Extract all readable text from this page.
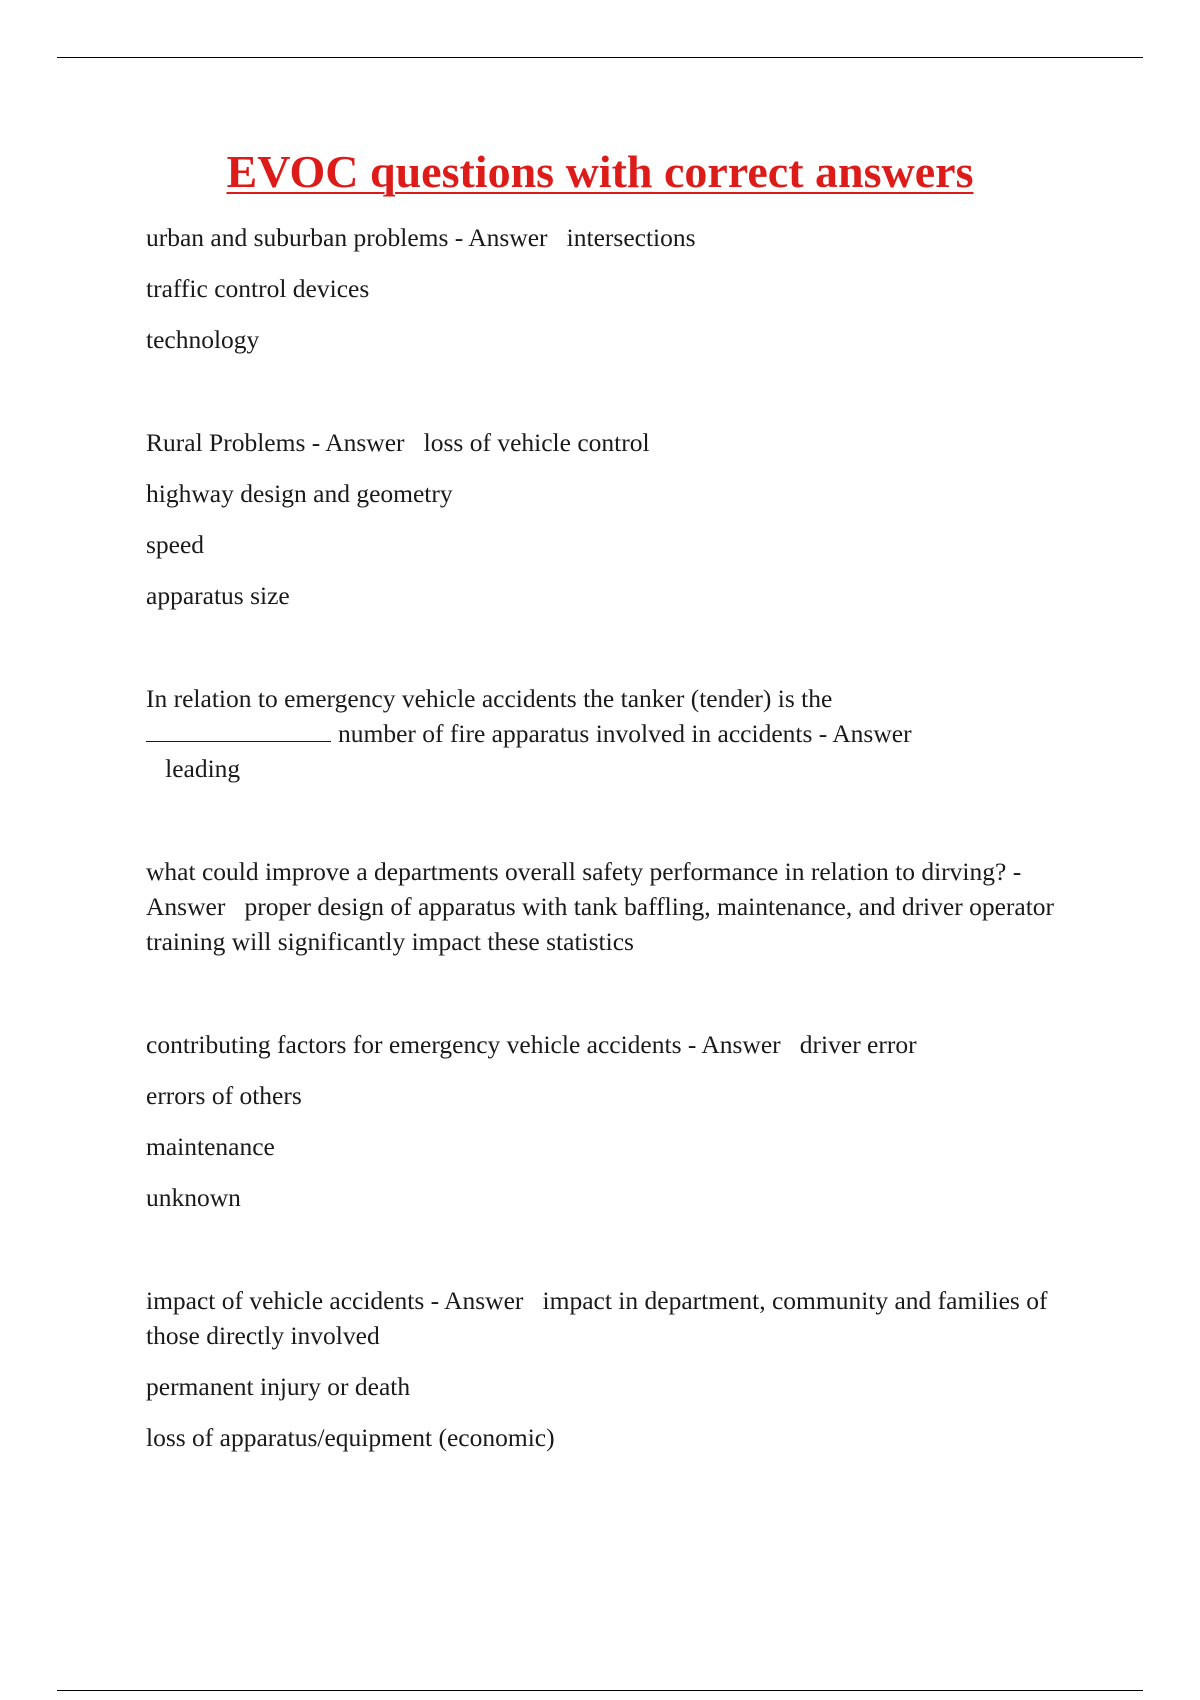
EVOC questions with correct answers

urban and suburban problems - Answer intersections

traffic control devices

technology

Rural Problems - Answer loss of vehicle control

highway design and geometry

speed

apparatus size

In relation to emergency vehicle accidents the tanker (tender) is thenumber of fire apparatus involved in accidents - Answer   leading

what could improve a departments overall safety performance in relation to dirving? - Answer proper design of apparatus with tank baffling, maintenance, and driver operator training will significantly impact these statistics

contributing factors for emergency vehicle accidents - Answer driver error

errors of others

maintenance

unknown

impact of vehicle accidents - Answer impact in department, community and families of those directly involved

permanent injury or death

loss of apparatus/equipment (economic)
